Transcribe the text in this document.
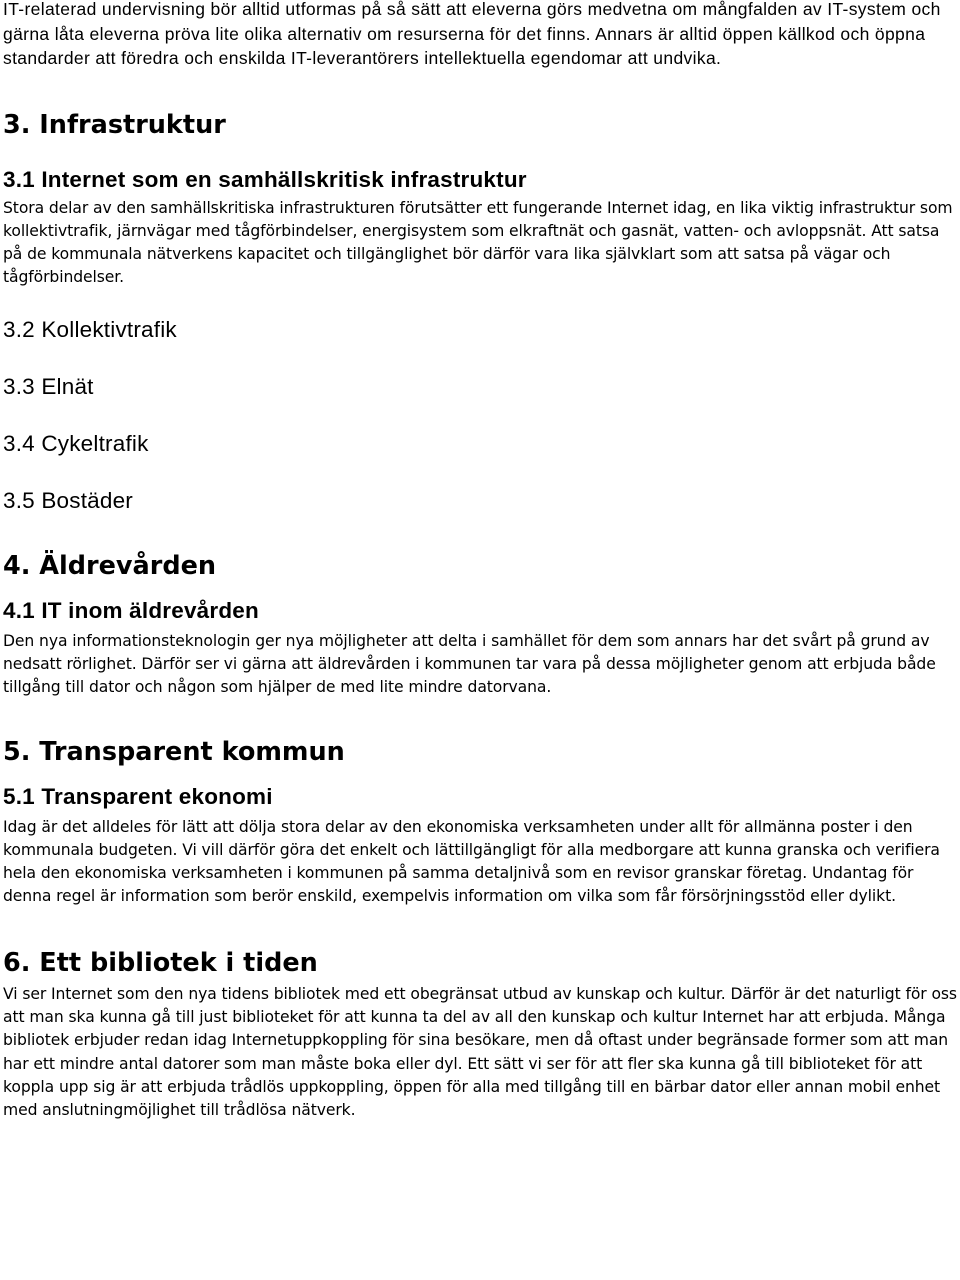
IT-relaterad undervisning bör alltid utformas på så sätt att eleverna görs medvetna om mångfalden av IT-system och gärna låta eleverna pröva lite olika alternativ om resurserna för det finns. Annars är alltid öppen källkod och öppna standarder att föredra och enskilda IT-leverantörers intellektuella egendomar att undvika.

3. Infrastruktur
3.1 Internet som en samhällskritisk infrastruktur

Stora delar av den samhällskritiska infrastrukturen förutsätter ett fungerande Internet idag, en lika viktig infrastruktur som kollektivtrafik, järnvägar med tågförbindelser, energisystem som elkraftnät och gasnät, vatten- och avloppsnät. Att satsa på de kommunala nätverkens kapacitet och tillgänglighet bör därför vara lika självklart som att satsa på vägar och tågförbindelser.

3.2 Kollektivtrafik
3.3 Elnät
3.4 Cykeltrafik
3.5 Bostäder
4. Äldrevården
4.1 IT inom äldrevården

Den nya informationsteknologin ger nya möjligheter att delta i samhället för dem som annars har det svårt på grund av nedsatt rörlighet. Därför ser vi gärna att äldrevården i kommunen tar vara på dessa möjligheter genom att erbjuda både tillgång till dator och någon som hjälper de med lite mindre datorvana.

5. Transparent kommun
5.1 Transparent ekonomi

Idag är det alldeles för lätt att dölja stora delar av den ekonomiska verksamheten under allt för allmänna poster i den kommunala budgeten. Vi vill därför göra det enkelt och lättillgängligt för alla medborgare att kunna granska och verifiera hela den ekonomiska verksamheten i kommunen på samma detaljnivå som en revisor granskar företag. Undantag för denna regel är information som berör enskild, exempelvis information om vilka som får försörjningsstöd eller dylikt.

6. Ett bibliotek i tiden

Vi ser Internet som den nya tidens bibliotek med ett obegränsat utbud av kunskap och kultur. Därför är det naturligt för oss att man ska kunna gå till just biblioteket för att kunna ta del av all den kunskap och kultur Internet har att erbjuda. Många bibliotek erbjuder redan idag Internetuppkoppling för sina besökare, men då oftast under begränsade former som att man har ett mindre antal datorer som man måste boka eller dyl. Ett sätt vi ser för att fler ska kunna gå till biblioteket för att koppla upp sig är att erbjuda trådlös uppkoppling, öppen för alla med tillgång till en bärbar dator eller annan mobil enhet med anslutningmöjlighet till trådlösa nätverk.
